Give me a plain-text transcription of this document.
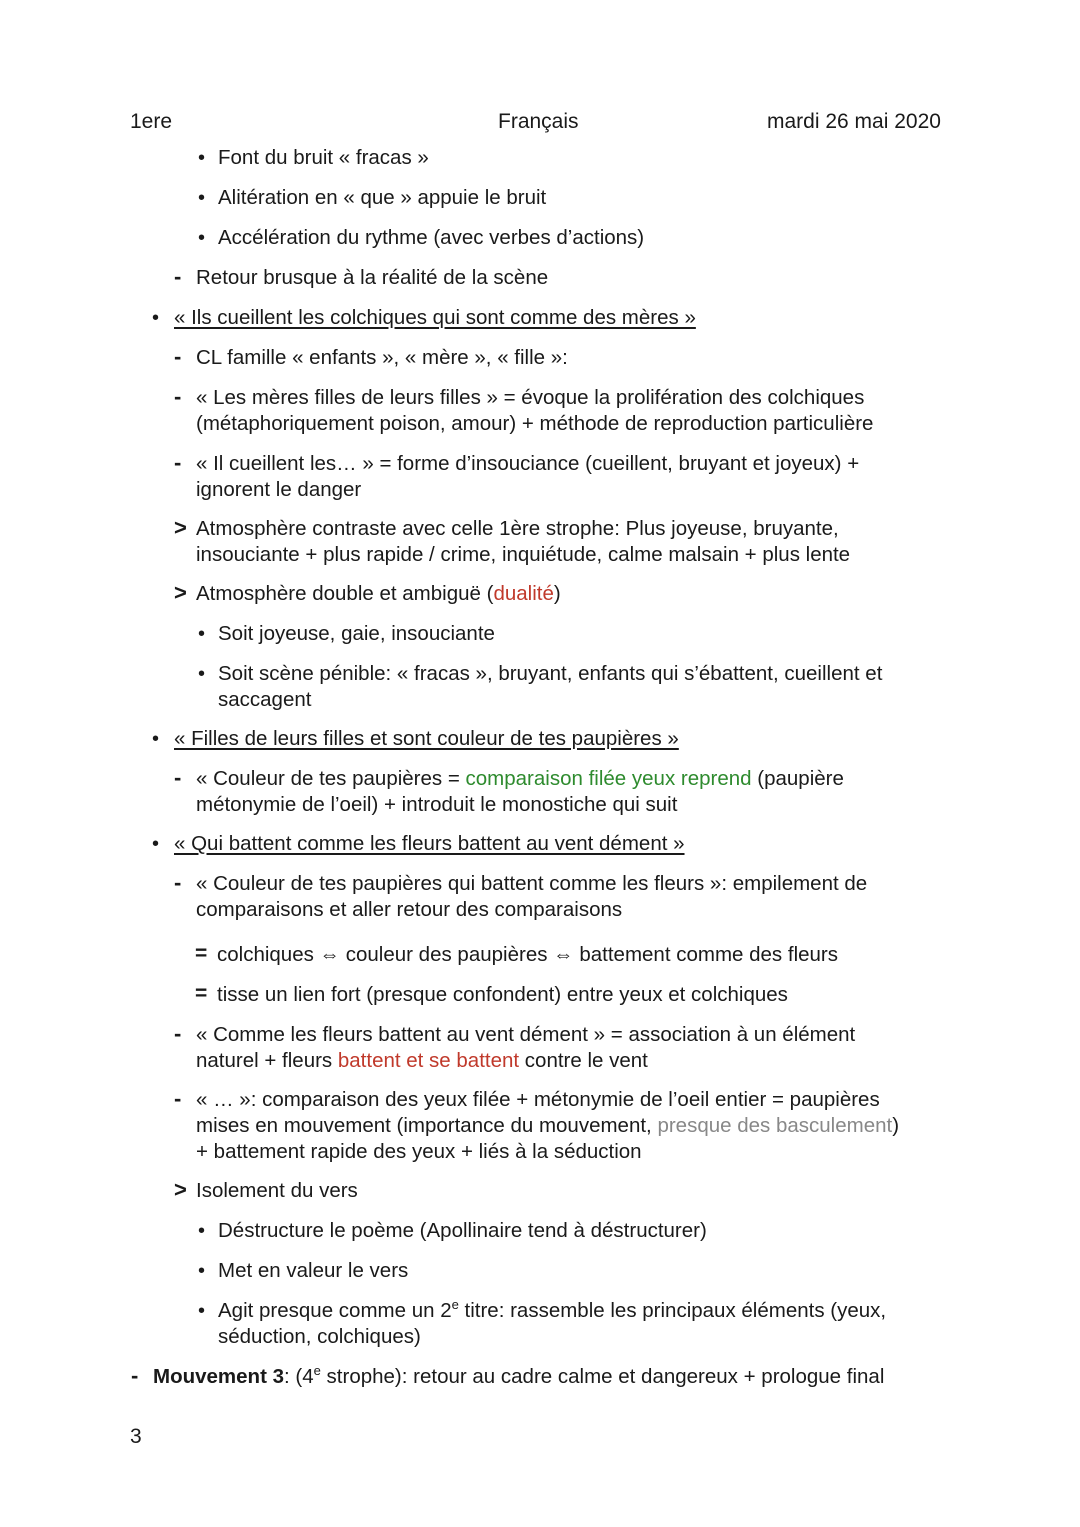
1ere	Français	mardi 26 mai 2020
• Font du bruit « fracas »
• Alitération en « que » appuie le bruit
• Accélération du rythme (avec verbes d’actions)
- Retour brusque à la réalité de la scène
• « Ils cueillent les colchiques qui sont comme des mères »
- CL famille « enfants », « mère », « fille »:
- « Les mères filles de leurs filles » = évoque la prolifération des colchiques
(métaphoriquement poison, amour) + méthode de reproduction particulière
- « Il cueillent les… » = forme d’insouciance (cueillent, bruyant et joyeux) +
ignorent le danger
> Atmosphère contraste avec celle 1ère strophe: Plus joyeuse, bruyante,
insouciante + plus rapide / crime, inquiétude, calme malsain + plus lente
> Atmosphère double et ambiguë (dualité)
• Soit joyeuse, gaie, insouciante
• Soit scène pénible: « fracas », bruyant, enfants qui s’ébattent, cueillent et
saccagent
• « Filles de leurs filles et sont couleur de tes paupières »
- « Couleur de tes paupières = comparaison filée yeux reprend (paupière
métonymie de l’oeil) + introduit le monostiche qui suit
• « Qui battent comme les fleurs battent au vent dément »
- « Couleur de tes paupières qui battent comme les fleurs »: empilement de
comparaisons et aller retour des comparaisons
= colchiques ⇔ couleur des paupières ⇔ battement comme des fleurs
= tisse un lien fort (presque confondent) entre yeux et colchiques
- « Comme les fleurs battent au vent dément » = association à un élément
naturel + fleurs battent et se battent contre le vent
- « … »: comparaison des yeux filée + métonymie de l’oeil entier = paupières
mises en mouvement (importance du mouvement, presque des basculement)
+ battement rapide des yeux + liés à la séduction
> Isolement du vers
• Déstructure le poème (Apollinaire tend à déstructurer)
• Met en valeur le vers
• Agit presque comme un 2e titre: rassemble les principaux éléments (yeux,
séduction, colchiques)
- Mouvement 3: (4e strophe): retour au cadre calme et dangereux + prologue final
3
